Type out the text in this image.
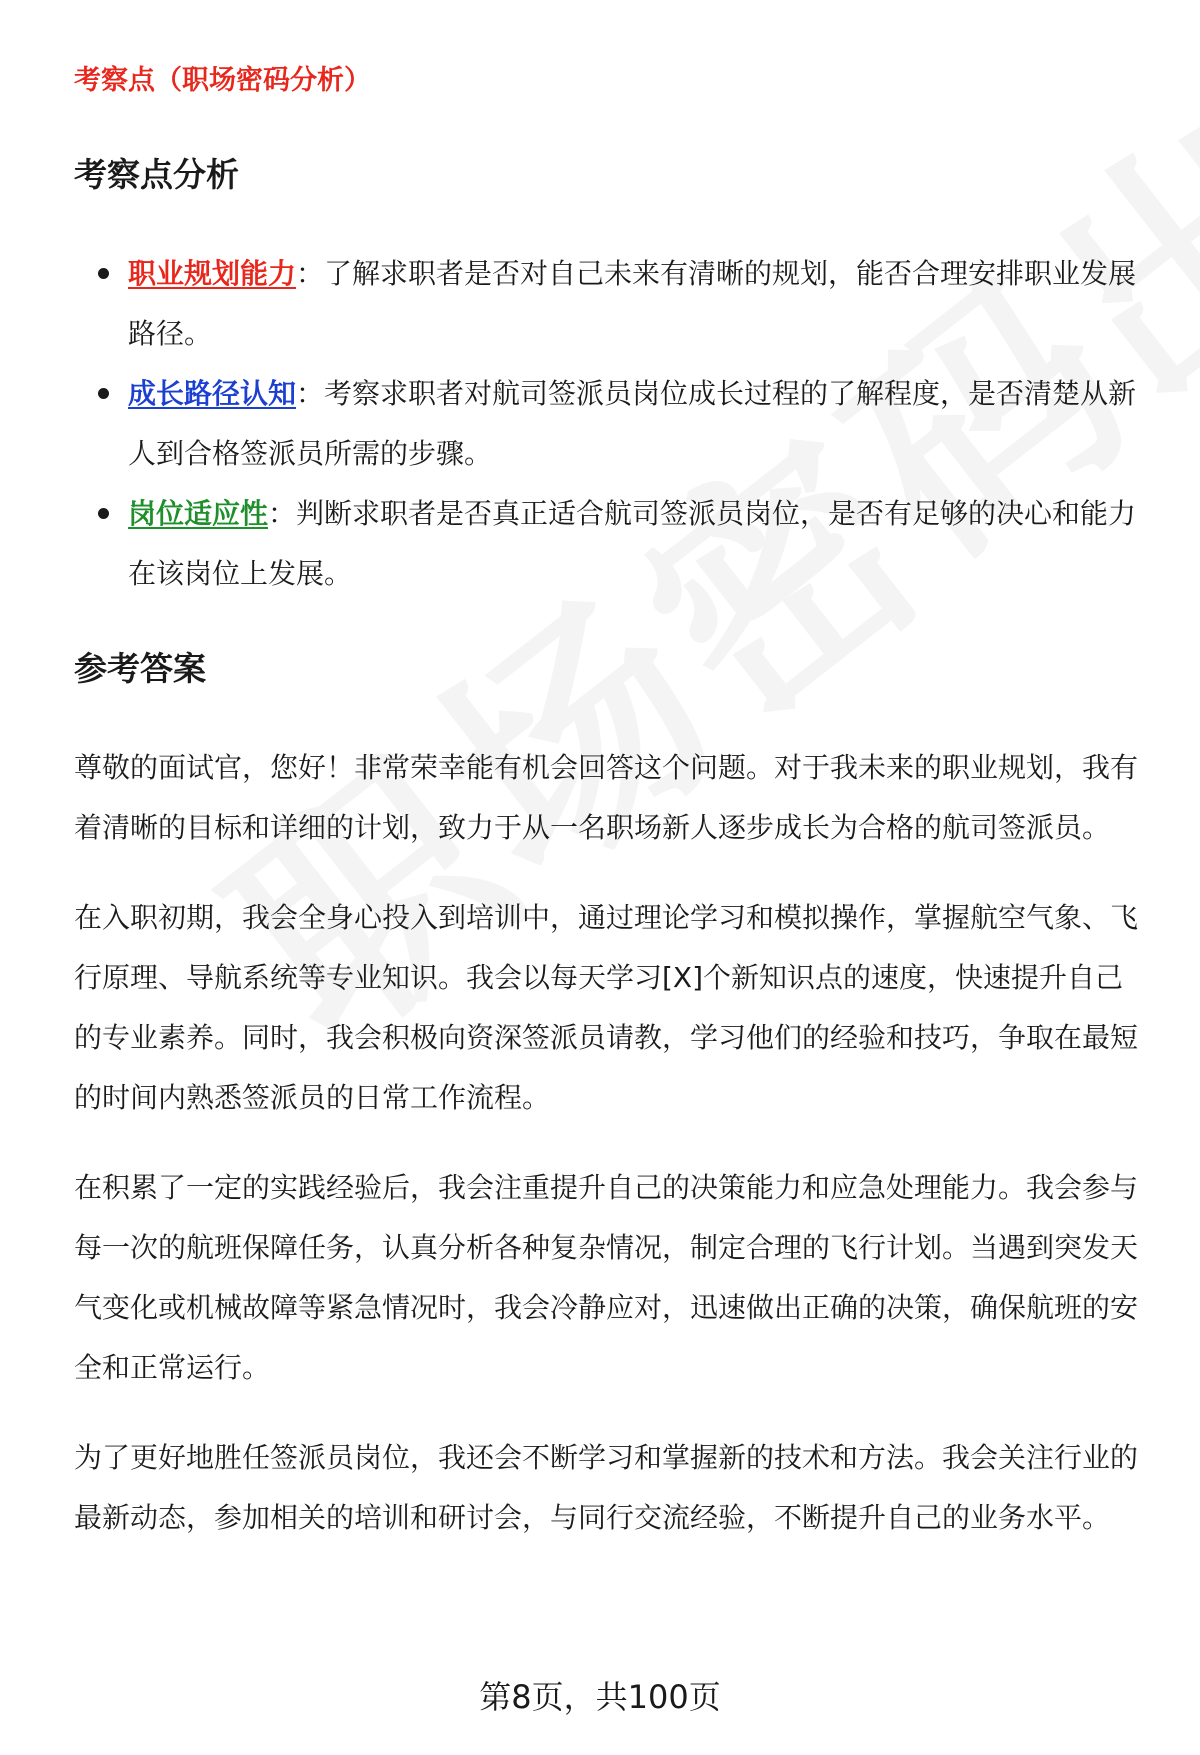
考察点（职场密码分析）
考察点分析
职业规划能力：了解求职者是否对自己未来有清晰的规划，能否合理安排职业发展路径。
成长路径认知：考察求职者对航司签派员岗位成长过程的了解程度，是否清楚从新人到合格签派员所需的步骤。
岗位适应性：判断求职者是否真正适合航司签派员岗位，是否有足够的决心和能力在该岗位上发展。
参考答案

尊敬的面试官，您好！非常荣幸能有机会回答这个问题。对于我未来的职业规划，我有着清晰的目标和详细的计划，致力于从一名职场新人逐步成长为合格的航司签派员。

在入职初期，我会全身心投入到培训中，通过理论学习和模拟操作，掌握航空气象、飞行原理、导航系统等专业知识。我会以每天学习[X]个新知识点的速度，快速提升自己的专业素养。同时，我会积极向资深签派员请教，学习他们的经验和技巧，争取在最短的时间内熟悉签派员的日常工作流程。

在积累了一定的实践经验后，我会注重提升自己的决策能力和应急处理能力。我会参与每一次的航班保障任务，认真分析各种复杂情况，制定合理的飞行计划。当遇到突发天气变化或机械故障等紧急情况时，我会冷静应对，迅速做出正确的决策，确保航班的安全和正常运行。

为了更好地胜任签派员岗位，我还会不断学习和掌握新的技术和方法。我会关注行业的最新动态，参加相关的培训和研讨会，与同行交流经验，不断提升自己的业务水平。

第8页，共100页
